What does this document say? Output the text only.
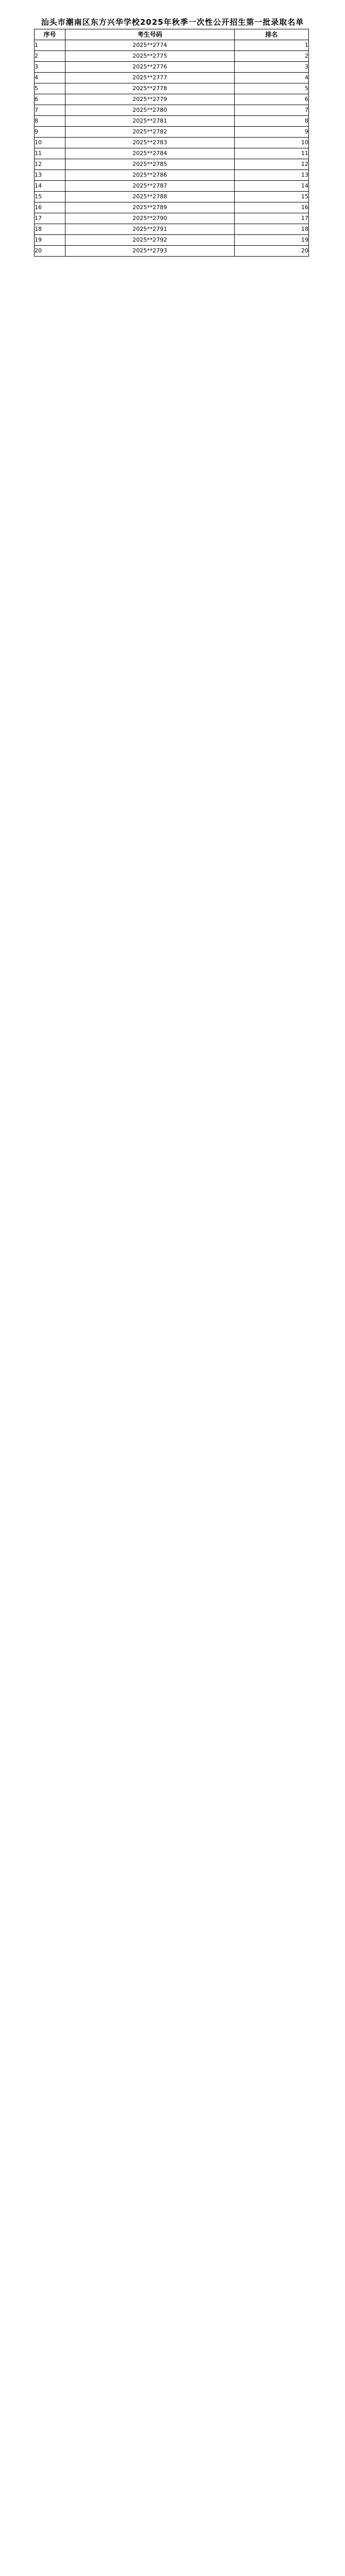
汕头市潮南区东方兴华学校2025年秋季一次性公开招生第一批录取名单
序号	考生号码	排名
1	2025**2774	1
2	2025**2775	2
3	2025**2776	3
4	2025**2777	4
5	2025**2778	5
6	2025**2779	6
7	2025**2780	7
8	2025**2781	8
9	2025**2782	9
10	2025**2783	10
11	2025**2784	11
12	2025**2785	12
13	2025**2786	13
14	2025**2787	14
15	2025**2788	15
16	2025**2789	16
17	2025**2790	17
18	2025**2791	18
19	2025**2792	19
20	2025**2793	20
